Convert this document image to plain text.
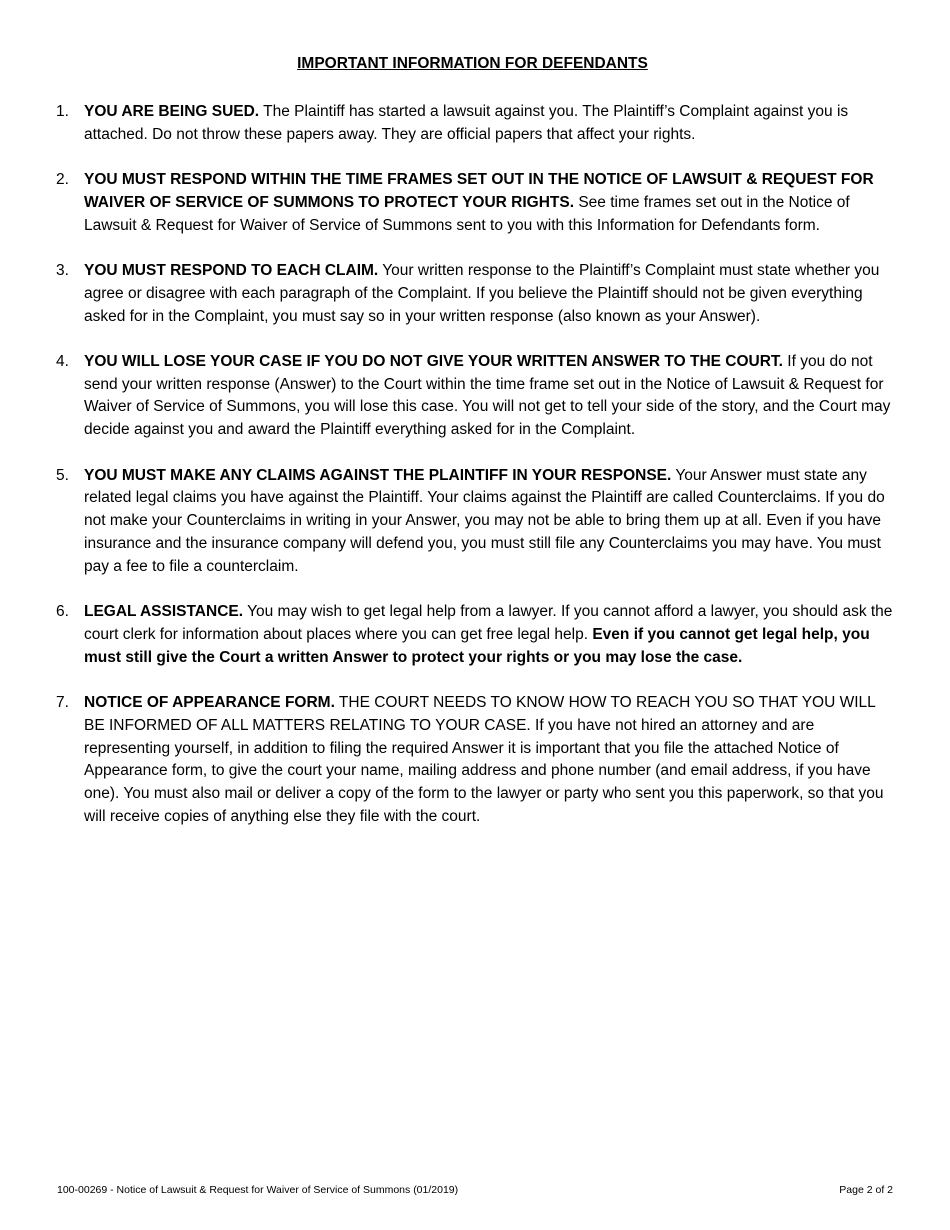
IMPORTANT INFORMATION FOR DEFENDANTS
1. YOU ARE BEING SUED. The Plaintiff has started a lawsuit against you. The Plaintiff’s Complaint against you is attached. Do not throw these papers away. They are official papers that affect your rights.
2. YOU MUST RESPOND WITHIN THE TIME FRAMES SET OUT IN THE NOTICE OF LAWSUIT & REQUEST FOR WAIVER OF SERVICE OF SUMMONS TO PROTECT YOUR RIGHTS. See time frames set out in the Notice of Lawsuit & Request for Waiver of Service of Summons sent to you with this Information for Defendants form.
3. YOU MUST RESPOND TO EACH CLAIM. Your written response to the Plaintiff’s Complaint must state whether you agree or disagree with each paragraph of the Complaint. If you believe the Plaintiff should not be given everything asked for in the Complaint, you must say so in your written response (also known as your Answer).
4. YOU WILL LOSE YOUR CASE IF YOU DO NOT GIVE YOUR WRITTEN ANSWER TO THE COURT. If you do not send your written response (Answer) to the Court within the time frame set out in the Notice of Lawsuit & Request for Waiver of Service of Summons, you will lose this case. You will not get to tell your side of the story, and the Court may decide against you and award the Plaintiff everything asked for in the Complaint.
5. YOU MUST MAKE ANY CLAIMS AGAINST THE PLAINTIFF IN YOUR RESPONSE. Your Answer must state any related legal claims you have against the Plaintiff. Your claims against the Plaintiff are called Counterclaims. If you do not make your Counterclaims in writing in your Answer, you may not be able to bring them up at all. Even if you have insurance and the insurance company will defend you, you must still file any Counterclaims you may have. You must pay a fee to file a counterclaim.
6. LEGAL ASSISTANCE. You may wish to get legal help from a lawyer. If you cannot afford a lawyer, you should ask the court clerk for information about places where you can get free legal help. Even if you cannot get legal help, you must still give the Court a written Answer to protect your rights or you may lose the case.
7. NOTICE OF APPEARANCE FORM. THE COURT NEEDS TO KNOW HOW TO REACH YOU SO THAT YOU WILL BE INFORMED OF ALL MATTERS RELATING TO YOUR CASE. If you have not hired an attorney and are representing yourself, in addition to filing the required Answer it is important that you file the attached Notice of Appearance form, to give the court your name, mailing address and phone number (and email address, if you have one). You must also mail or deliver a copy of the form to the lawyer or party who sent you this paperwork, so that you will receive copies of anything else they file with the court.
100-00269 - Notice of Lawsuit & Request for Waiver of Service of Summons (01/2019)	Page 2 of 2
